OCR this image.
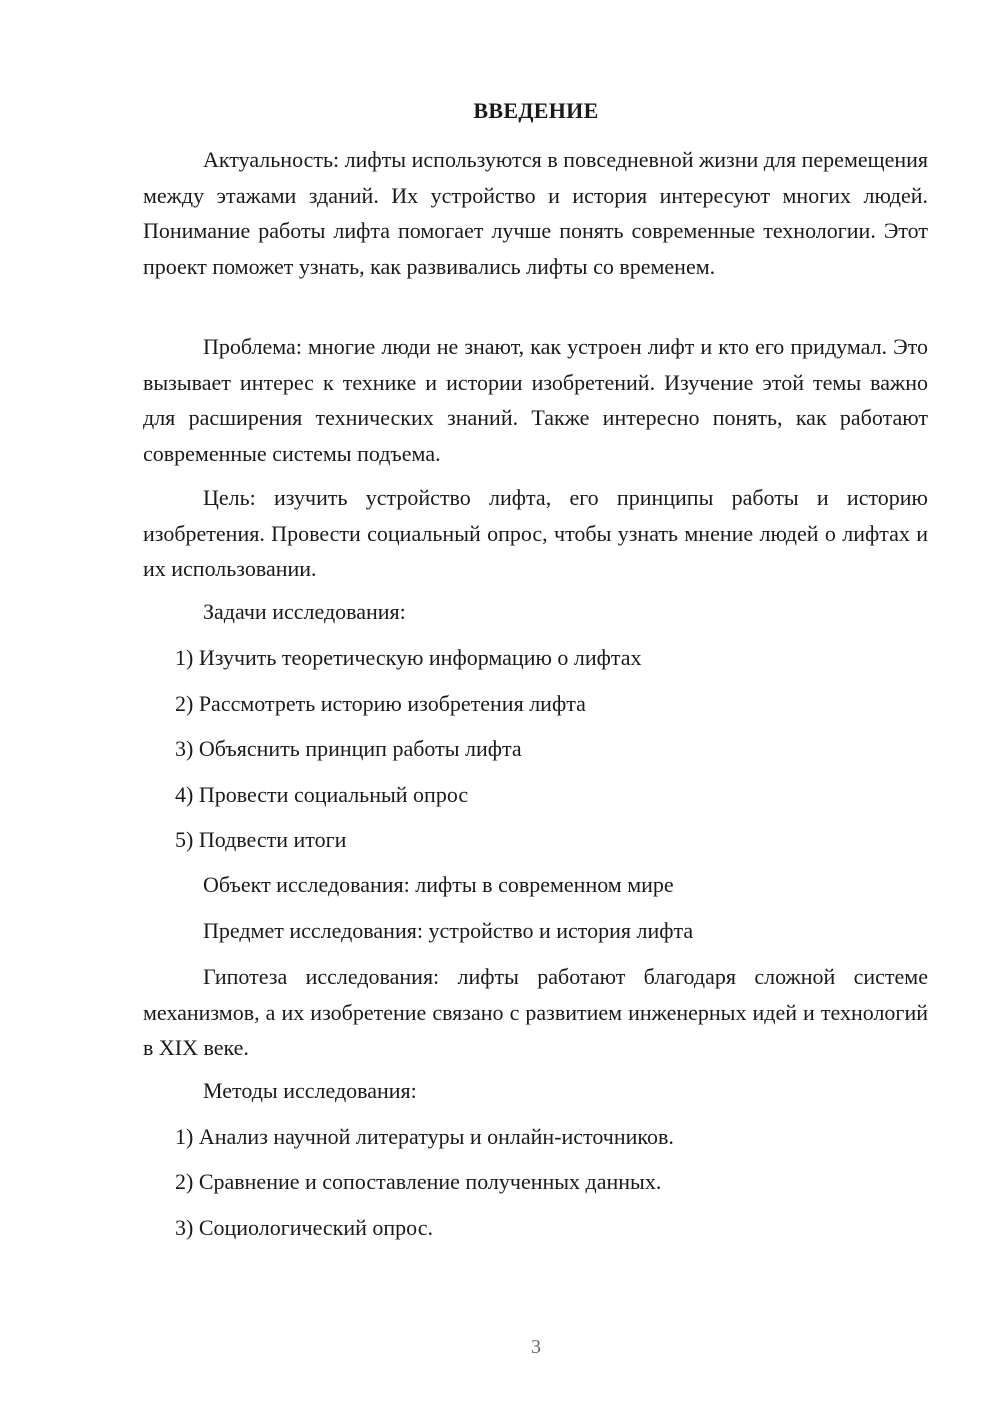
ВВЕДЕНИЕ

Актуальность: лифты используются в повседневной жизни для перемещения между этажами зданий. Их устройство и история интересуют многих людей. Понимание работы лифта помогает лучше понять современные технологии. Этот проект поможет узнать, как развивались лифты со временем.

Проблема: многие люди не знают, как устроен лифт и кто его придумал. Это вызывает интерес к технике и истории изобретений. Изучение этой темы важно для расширения технических знаний. Также интересно понять, как работают современные системы подъема.

Цель: изучить устройство лифта, его принципы работы и историю изобретения. Провести социальный опрос, чтобы узнать мнение людей о лифтах и их использовании.

Задачи исследования:
1) Изучить теоретическую информацию о лифтах
2) Рассмотреть историю изобретения лифта
3) Объяснить принцип работы лифта
4) Провести социальный опрос
5) Подвести итоги
Объект исследования: лифты в современном мире
Предмет исследования: устройство и история лифта

Гипотеза исследования: лифты работают благодаря сложной системе механизмов, а их изобретение связано с развитием инженерных идей и технологий в XIX веке.

Методы исследования:
1) Анализ научной литературы и онлайн-источников.
2) Сравнение и сопоставление полученных данных.
3) Социологический опрос.
3
